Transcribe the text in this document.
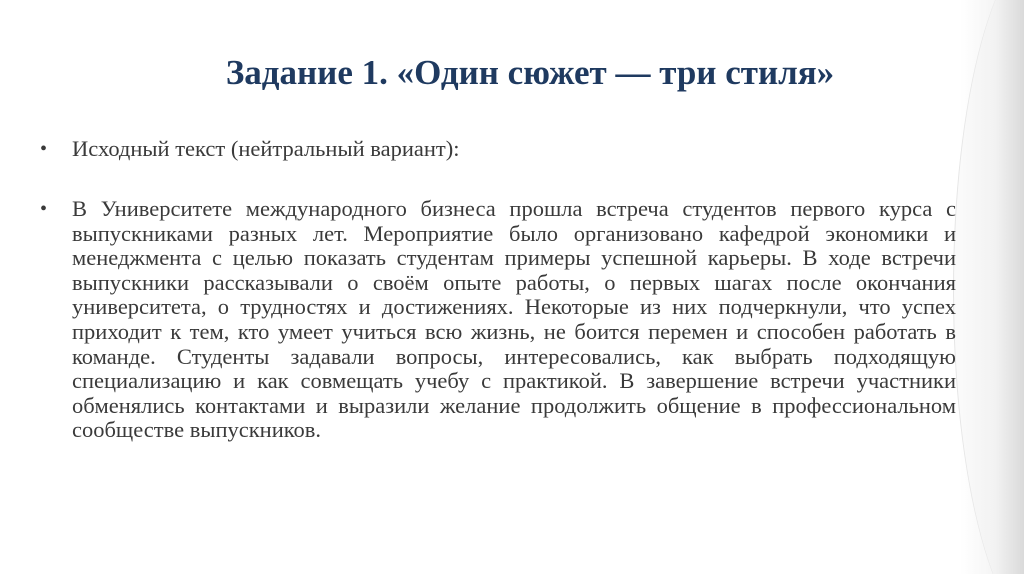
Задание 1. «Один сюжет — три стиля»
•	Исходный текст (нейтральный вариант):
•	В Университете международного бизнеса прошла встреча студентов первого курса с выпускниками разных лет. Мероприятие было организовано кафедрой экономики и менеджмента с целью показать студентам примеры успешной карьеры. В ходе встречи выпускники рассказывали о своём опыте работы, о первых шагах после окончания университета, о трудностях и достижениях. Некоторые из них подчеркнули, что успех приходит к тем, кто умеет учиться всю жизнь, не боится перемен и способен работать в команде. Студенты задавали вопросы, интересовались, как выбрать подходящую специализацию и как совмещать учебу с практикой. В завершение встречи участники обменялись контактами и выразили желание продолжить общение в профессиональном сообществе выпускников.
